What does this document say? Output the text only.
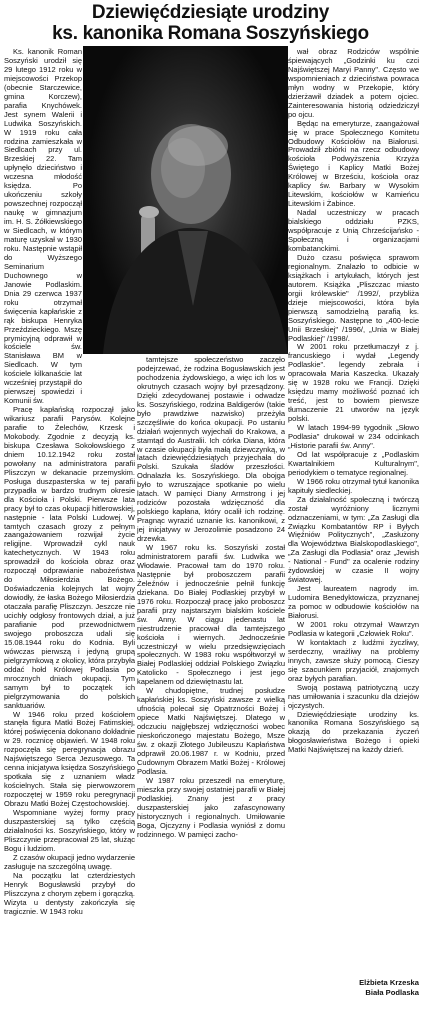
Dziewięćdziesiąte urodziny
ks. kanonika Romana Soszyńskiego

Ks. kanonik Roman Soszyński urodził się 29 lutego 1912 roku w miejscowości Przekop (obecnie Starczewice, gmina Korczew), parafia Knychówek. Jest synem Walerii i Ludwika Soszyńskich. W 1919 roku cała rodzina zamieszkała w Siedlcach przy ul. Brzeskiej 22. Tam upłynęło dzieciństwo i wczesna młodość księdza. Po ukończeniu szkoły powszechnej rozpoczął naukę w gimnazjum im. H. S. Żółkiewskiego w Siedlcach, w którym maturę uzyskał w 1930 roku. Następnie wstąpił do Wyższego Seminarium Duchownego w Janowie Podlaskim. Dnia 29 czerwca 1937 roku otrzymał święcenia kapłańskie z rąk biskupa Henryka Przeździeckiego. Mszę prymicyjną odprawił w kościele św. Stanisława BM w Siedlcach. W tym kościele kilkanaście lat wcześniej przystąpił do pierwszej spowiedzi i Komunii św.

Pracę kapłańską rozpoczął jako wikariusz parafii Parysów. Kolejne parafie to Żelechów, Krzesk i Mokobody. Zgodnie z decyzją ks. biskupa Czesława Sokołowskiego z dniem 10.12.1942 roku został powołany na administratora parafii Pliszczyn w dekanacie przemyskim. Posługa duszpasterska w tej parafii przypadła w bardzo trudnym okresie dla Kościoła i Polski. Pierwsze lata pracy był to czas okupacji hitlerowskiej, następnie - lata Polski Ludowej. W tamtych czasach grozy z pełnym zaangażowaniem rozwijał życie religijne. Wprowadził cykl nauk katechetycznych. W 1943 roku sprowadził do kościoła obraz oraz rozpoczął odprawianie nabożeństwa do Miłosierdzia Bożego. Doświadczenia kolejnych lat wojny dowiodły, że łaska Bożego Miłosierdzia otaczała parafię Pliszczyn. Jeszcze nie ucichły odgłosy frontowych dział, a już parafianie pod przewodnictwem swojego proboszcza udali się 15.08.1944 roku do Kodnia. Byli wówczas pierwszą i jedyną grupą pielgrzymkową z okolicy, która przybyła oddać hołd Królowej Podlasia po mrocznych dniach okupacji. Tym samym był to początek ich pielgrzymowania do polskich sanktuariów.

W 1946 roku przed kościołem stanęła figura Matki Bożej Fatimskiej, której poświęcenia dokonano dokładnie w 29. rocznicę objawień. W 1948 roku rozpoczęła się peregrynacja obrazu Najświętszego Serca Jezusowego. Ta cenna inicjatywa księdza Soszyńskiego spotkała się z uznaniem władz kościelnych. Stała się pierwowzorem rozpoczętej w 1959 roku peregrynacji Obrazu Matki Bożej Częstochowskiej.

Wspomniane wyżej formy pracy duszpasterskiej są tylko częścią działalności ks. Soszyńskiego, który w Pliszczynie przepracował 25 lat, służąc Bogu i ludziom.

Z czasów okupacji jedno wydarzenie zasługuje na szczególną uwagę.

Na początku lat czterdziestych Henryk Bogusławski przybył do Pliszczyna z chorym zębem i gorączką. Wizyta u dentysty zakończyła się tragicznie. W 1943 roku

tamtejsze społeczeństwo zaczęło podejrzewać, że rodzina Bogusławskich jest pochodzenia żydowskiego, a więc ich los w okrutnych czasach wojny był przesądzony. Dzięki zdecydowanej postawie i odwadze ks. Soszyńskiego, rodzina Baldigerów (takie było prawdziwe nazwisko) przeżyła szczęśliwie do końca okupacji. Po ustaniu działań wojennych wyjechali do Krakowa, a stamtąd do Australii. Ich córka Diana, która w czasie okupacji była małą dziewczynką, w latach dziewięćdziesiątych przyjechała do Polski. Szukała śladów przeszłości. Odnalazła ks. Soszyńskiego. Dla obojga było to wzruszające spotkanie po wielu latach. W pamięci Diany Armstrong i jej rodziców pozostała wdzięczność dla polskiego kapłana, który ocalił ich rodzinę. Pragnąc wyrazić uznanie ks. kanonikowi, z jej inicjatywy w Jerozolimie posadzono 24 drzewka.

W 1967 roku ks. Soszyński został administratorem parafii św. Ludwika we Włodawie. Pracował tam do 1970 roku. Następnie był proboszczem parafii Żeleźnów i jednocześnie pełnił funkcję dziekana. Do Białej Podlaskiej przybył w 1976 roku. Rozpoczął pracę jako proboszcz parafii przy najstarszym bialskim kościele św. Anny. W ciągu jedenastu lat niestrudzenie pracował dla tamtejszego kościoła i wiernych. Jednocześnie uczestniczył w wielu przedsięwzięciach społecznych. W 1983 roku współtworzył w Białej Podlaskiej oddział Polskiego Związku Katolicko - Społecznego i jest jego kapelanem od dziewiętnastu lat.

W chudopiętne, trudnej posłudze kapłańskiej ks. Soszyński zawsze z wielką ufnością polecał się Opatrzności Bożej i opiece Matki Najświętszej. Dlatego w odczuciu najgłębszej wdzięczności wobec nieskończonego majestatu Bożego, Msze św. z okazji Złotego Jubileuszu Kapłaństwa odprawił 20.06.1987 r. w Kodniu, przed Cudownym Obrazem Matki Bożej - Królowej Podlasia.

W 1987 roku przeszedł na emeryturę, mieszka przy swojej ostatniej parafii w Białej Podlaskiej. Znany jest z pracy duszpasterskiej jako zafascynowany historycznych i regionalnych. Umiłowanie Boga, Ojczyzny i Podlasia wyniósł z domu rodzinnego. W pamięci zacho-

wał obraz Rodziców wspólnie śpiewających „Godzinki ku czci Najświętszej Maryi Panny". Często we wspomnieniach z dzieciństwa powraca młyn wodny w Przekopie, który dzierżawił dziadek a potem ojciec. Zainteresowania historią odziedziczył po ojcu.

Będąc na emeryturze, zaangażował się w prace Społecznego Komitetu Odbudowy Kościołów na Białorusi. Prowadził zbiórki na rzecz odbudowy kościoła Podwyższenia Krzyża Świętego i Kaplicy Matki Bożej Królowej w Brześciu, kościoła oraz kaplicy św. Barbary w Wysokim Litewskim, kościołów w Kamieńcu Litewskim i Żabince.

Nadal uczestniczy w pracach bialskiego oddziału PZKS, współpracuje z Unią Chrześcijańsko - Społeczną i organizacjami kombatanckimi.

Dużo czasu poświęca sprawom regionalnym. Znalazło to odbicie w książkach i artykułach, których jest autorem. Książka „Pliszczac miasto orgii królewskie" /1992/, przybliża dzieje miejscowości, która była pierwszą samodzielną parafią ks. Soszyńskiego. Następne to „400-lecie Unii Brzeskiej" /1996/, „Unia w Białej Podlaskiej" /1998/.

W 2001 roku przetłumaczył z j. francuskiego i wydał „Legendy Podlaskie". legendy zebrała i opracowała Maria Kaszecka. Ukazały się w 1928 roku we Francji. Dzięki księdzu mamy możliwość poznać ich treść, jest to bowiem pierwsze tłumaczenie 21 utworów na język polski.

W latach 1994-99 tygodnik „Słowo Podlasia" drukował w 234 odcinkach „Historie parafii św. Anny".

Od lat współpracuje z „Podlaskim Kwartalnikiem Kulturalnym", periodykiem o tematyce regionalnej.

W 1966 roku otrzymał tytuł kanonika kapituły siedleckiej.

Za działalność społeczną i twórczą został wyróżniony licznymi odznaczeniami, w tym: „Za Zasługi dla Związku Kombatantów RP i Byłych Więźniów Politycznych", „Zasłużony dla Województwa Bialskopodlaskiego", „Za Zasługi dla Podlasia" oraz „Jewish - National - Fund" za ocalenie rodziny żydowskiej w czasie II wojny światowej.

Jest laureatem nagrody im. Ludomira Benedyktowicza, przyznanej za pomoc w odbudowie kościołów na Białorusi.

W 2001 roku otrzymał Wawrzyn Podlasia w kategorii „Człowiek Roku".

W kontaktach z ludźmi życzliwy, serdeczny, wrażliwy na problemy innych, zawsze służy pomocą. Cieszy się szacunkiem przyjaciół, znajomych oraz byłych parafian.

Swoją postawą patriotyczną uczy nas umiłowania i szacunku dla dziejów ojczystych.

Dziewięćdziesiąte urodziny ks. kanonika Romana Soszyńskiego są okazją do przekazania życzeń błogosławieństwa Bożego i opieki Matki Najświętszej na każdy dzień.

Elżbieta Krzeska
Biała Podlaska
